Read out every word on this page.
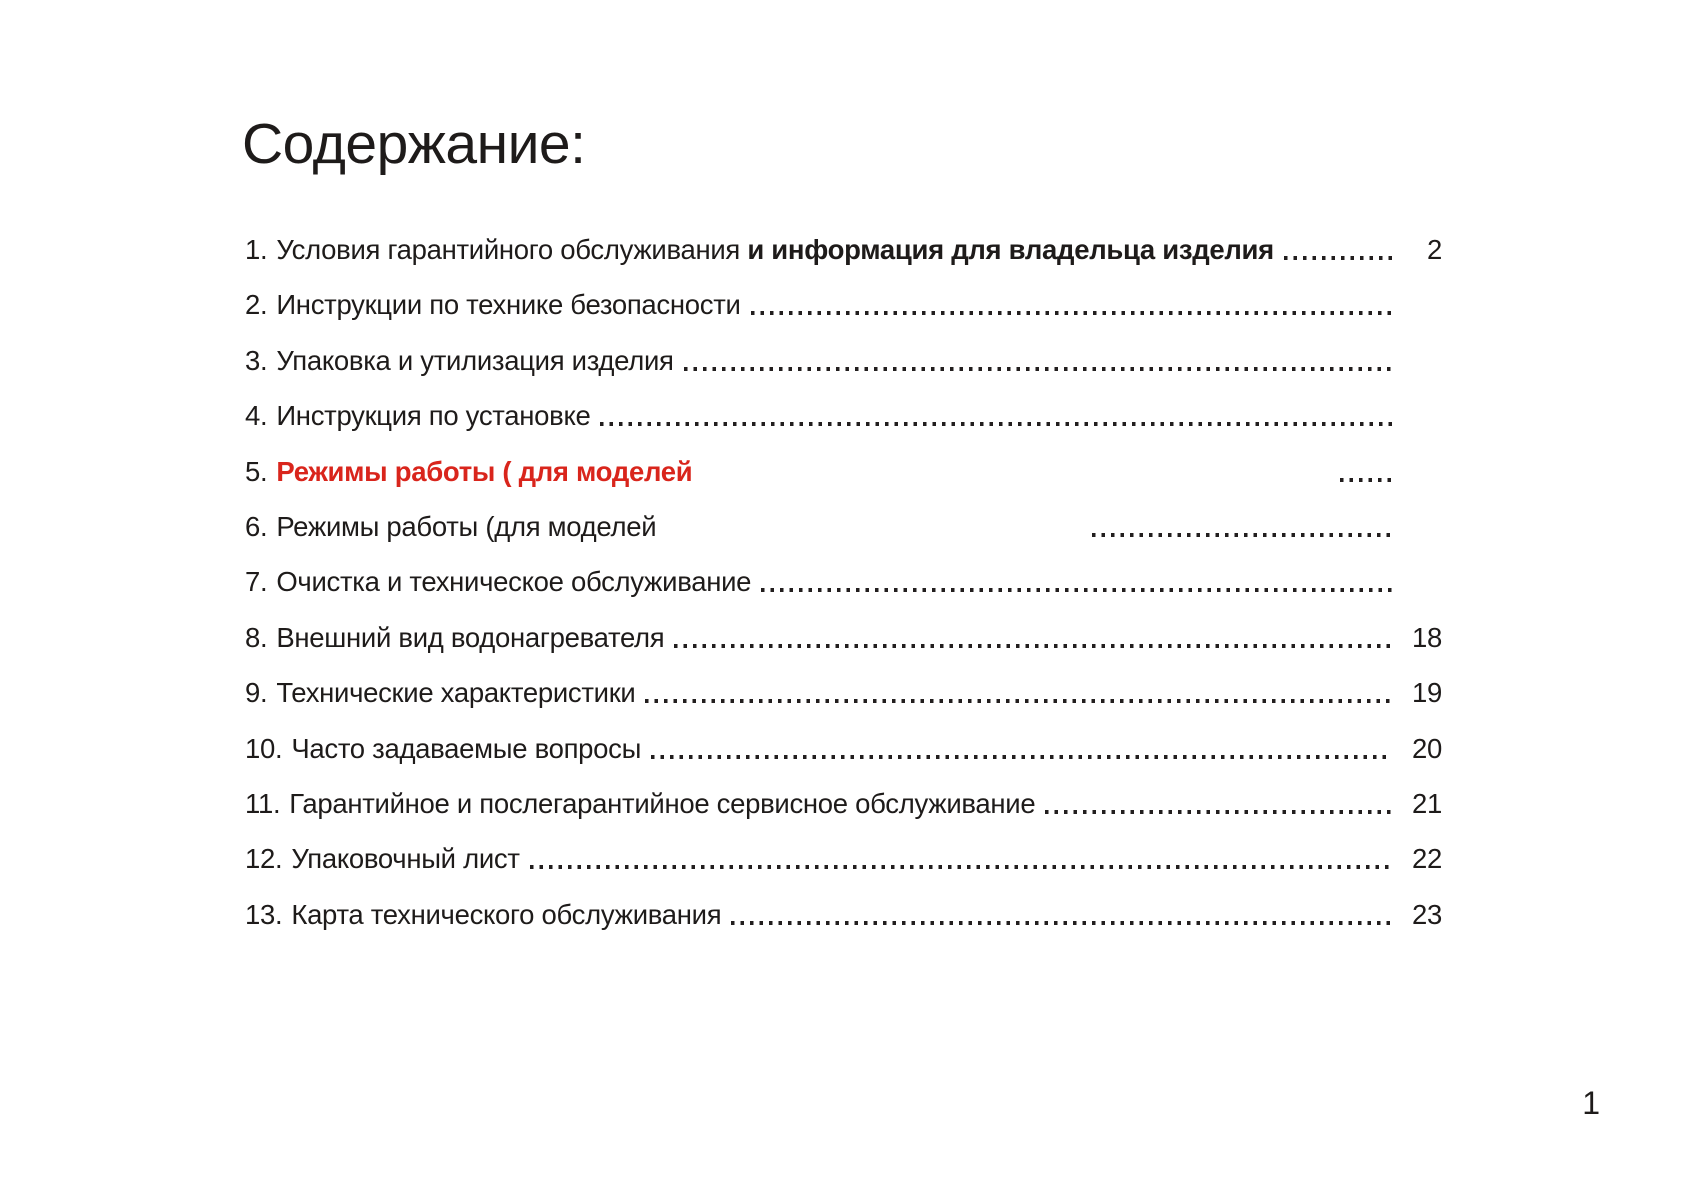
Содержание:
1. Условия гарантийного обслуживания и информация для владельца изделия	2
2. Инструкции по технике безопасности
3. Упаковка и утилизация изделия
4. Инструкция по установке
5. Режимы работы ( для моделей
6. Режимы работы (для моделей
7. Очистка и техническое обслуживание
8. Внешний вид водонагревателя	18
9. Технические характеристики	19
10. Часто задаваемые вопросы	20
11. Гарантийное и послегарантийное сервисное обслуживание	21
12. Упаковочный лист	22
13. Карта технического обслуживания	23
1
